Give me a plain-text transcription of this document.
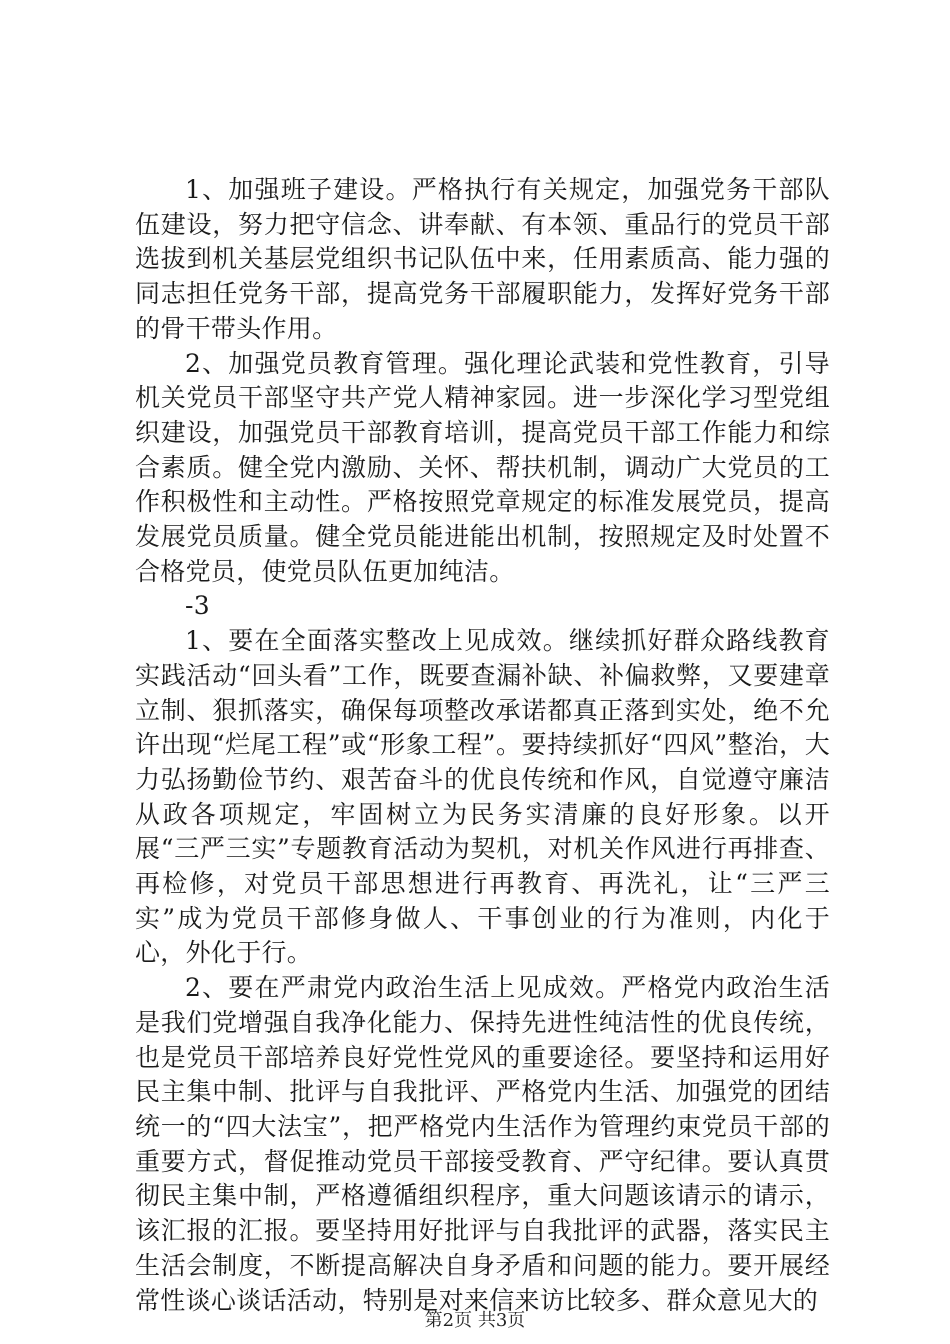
1、加强班子建设。严格执行有关规定，加强党务干部队伍建设，努力把守信念、讲奉献、有本领、重品行的党员干部选拔到机关基层党组织书记队伍中来，任用素质高、能力强的同志担任党务干部，提高党务干部履职能力，发挥好党务干部的骨干带头作用。

2、加强党员教育管理。强化理论武装和党性教育，引导机关党员干部坚守共产党人精神家园。进一步深化学习型党组织建设，加强党员干部教育培训，提高党员干部工作能力和综合素质。健全党内激励、关怀、帮扶机制，调动广大党员的工作积极性和主动性。严格按照党章规定的标准发展党员，提高发展党员质量。健全党员能进能出机制，按照规定及时处置不合格党员，使党员队伍更加纯洁。

-3

1、要在全面落实整改上见成效。继续抓好群众路线教育实践活动“回头看”工作，既要查漏补缺、补偏救弊，又要建章立制、狠抓落实，确保每项整改承诺都真正落到实处，绝不允许出现“烂尾工程”或“形象工程”。要持续抓好“四风”整治，大力弘扬勤俭节约、艰苦奋斗的优良传统和作风，自觉遵守廉洁从政各项规定，牢固树立为民务实清廉的良好形象。以开展“三严三实”专题教育活动为契机，对机关作风进行再排查、再检修，对党员干部思想进行再教育、再洗礼，让“三严三实”成为党员干部修身做人、干事创业的行为准则，内化于心，外化于行。

2、要在严肃党内政治生活上见成效。严格党内政治生活是我们党增强自我净化能力、保持先进性纯洁性的优良传统，也是党员干部培养良好党性党风的重要途径。要坚持和运用好民主集中制、批评与自我批评、严格党内生活、加强党的团结统一的“四大法宝”，把严格党内生活作为管理约束党员干部的重要方式，督促推动党员干部接受教育、严守纪律。要认真贯彻民主集中制，严格遵循组织程序，重大问题该请示的请示，该汇报的汇报。要坚持用好批评与自我批评的武器，落实民主生活会制度，不断提高解决自身矛盾和问题的能力。要开展经常性谈心谈话活动，特别是对来信来访比较多、群众意见大的

第2页 共3页
